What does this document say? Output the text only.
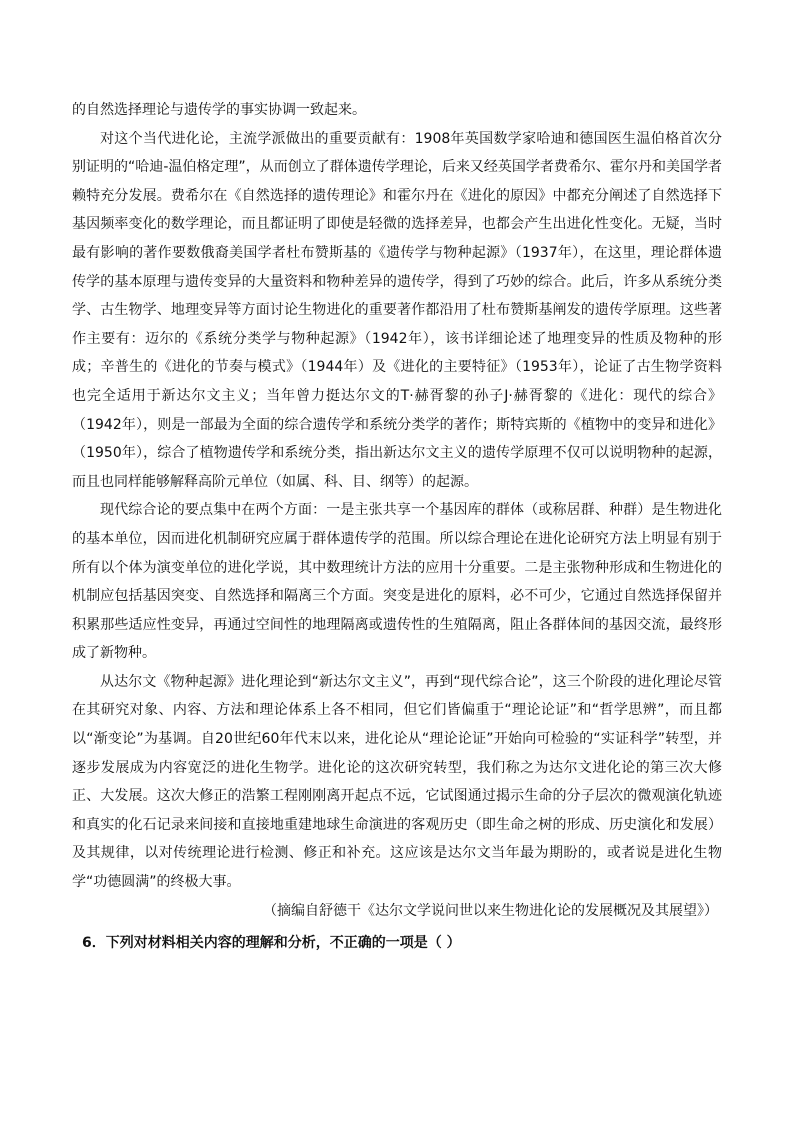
的自然选择理论与遗传学的事实协调一致起来。

对这个当代进化论，主流学派做出的重要贡献有：1908年英国数学家哈迪和德国医生温伯格首次分别证明的“哈迪-温伯格定理”，从而创立了群体遗传学理论，后来又经英国学者费希尔、霍尔丹和美国学者赖特充分发展。费希尔在《自然选择的遗传理论》和霍尔丹在《进化的原因》中都充分阐述了自然选择下基因频率变化的数学理论，而且都证明了即使是轻微的选择差异，也都会产生出进化性变化。无疑，当时最有影响的著作要数俄裔美国学者杜布赞斯基的《遗传学与物种起源》（1937年），在这里，理论群体遗传学的基本原理与遗传变异的大量资料和物种差异的遗传学，得到了巧妙的综合。此后，许多从系统分类学、古生物学、地理变异等方面讨论生物进化的重要著作都沿用了杜布赞斯基阐发的遗传学原理。这些著作主要有：迈尔的《系统分类学与物种起源》（1942年），该书详细论述了地理变异的性质及物种的形成；辛普生的《进化的节奏与模式》（1944年）及《进化的主要特征》（1953年），论证了古生物学资料也完全适用于新达尔文主义；当年曾力挺达尔文的T·赫胥黎的孙子J·赫胥黎的《进化：现代的综合》（1942年），则是一部最为全面的综合遗传学和系统分类学的著作；斯特宾斯的《植物中的变异和进化》（1950年），综合了植物遗传学和系统分类，指出新达尔文主义的遗传学原理不仅可以说明物种的起源，而且也同样能够解释高阶元单位（如属、科、目、纲等）的起源。

现代综合论的要点集中在两个方面：一是主张共享一个基因库的群体（或称居群、种群）是生物进化的基本单位，因而进化机制研究应属于群体遗传学的范围。所以综合理论在进化论研究方法上明显有别于所有以个体为演变单位的进化学说，其中数理统计方法的应用十分重要。二是主张物种形成和生物进化的机制应包括基因突变、自然选择和隔离三个方面。突变是进化的原料，必不可少，它通过自然选择保留并积累那些适应性变异，再通过空间性的地理隔离或遗传性的生殖隔离，阻止各群体间的基因交流，最终形成了新物种。

从达尔文《物种起源》进化理论到“新达尔文主义”，再到“现代综合论”，这三个阶段的进化理论尽管在其研究对象、内容、方法和理论体系上各不相同，但它们皆偏重于“理论论证”和“哲学思辨”，而且都以“渐变论”为基调。自20世纪60年代末以来，进化论从“理论论证”开始向可检验的“实证科学”转型，并逐步发展成为内容宽泛的进化生物学。进化论的这次研究转型，我们称之为达尔文进化论的第三次大修正、大发展。这次大修正的浩繁工程刚刚离开起点不远，它试图通过揭示生命的分子层次的微观演化轨迹和真实的化石记录来间接和直接地重建地球生命演进的客观历史（即生命之树的形成、历史演化和发展）及其规律，以对传统理论进行检测、修正和补充。这应该是达尔文当年最为期盼的，或者说是进化生物学“功德圆满”的终极大事。

（摘编自舒德干《达尔文学说问世以来生物进化论的发展概况及其展望》）

6．下列对材料相关内容的理解和分析，不正确的一项是（ ）
